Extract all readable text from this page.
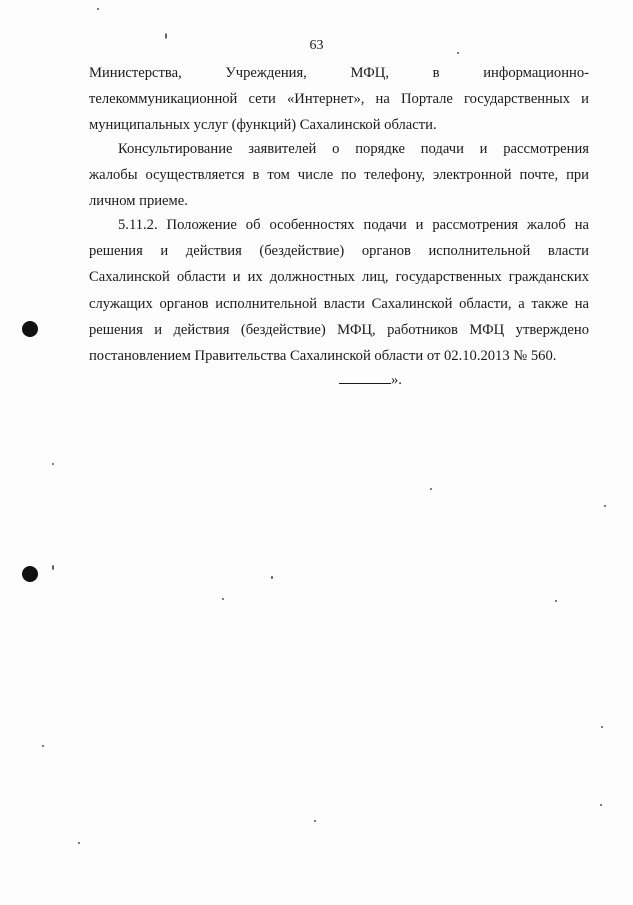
63
Министерства, Учреждения, МФЦ, в информационно-
телекоммуникационной сети «Интернет», на Портале государственных и
муниципальных услуг (функций) Сахалинской области.
Консультирование заявителей о порядке подачи и рассмотрения
жалобы осуществляется в том числе по телефону, электронной почте, при
личном приеме.
5.11.2. Положение об особенностях подачи и рассмотрения жалоб на
решения и действия (бездействие) органов исполнительной власти
Сахалинской области и их должностных лиц, государственных гражданских
служащих органов исполнительной власти Сахалинской области, а также на
решения и действия (бездействие) МФЦ, работников МФЦ утверждено
постановлением Правительства Сахалинской области от 02.10.2013 № 560.
».
